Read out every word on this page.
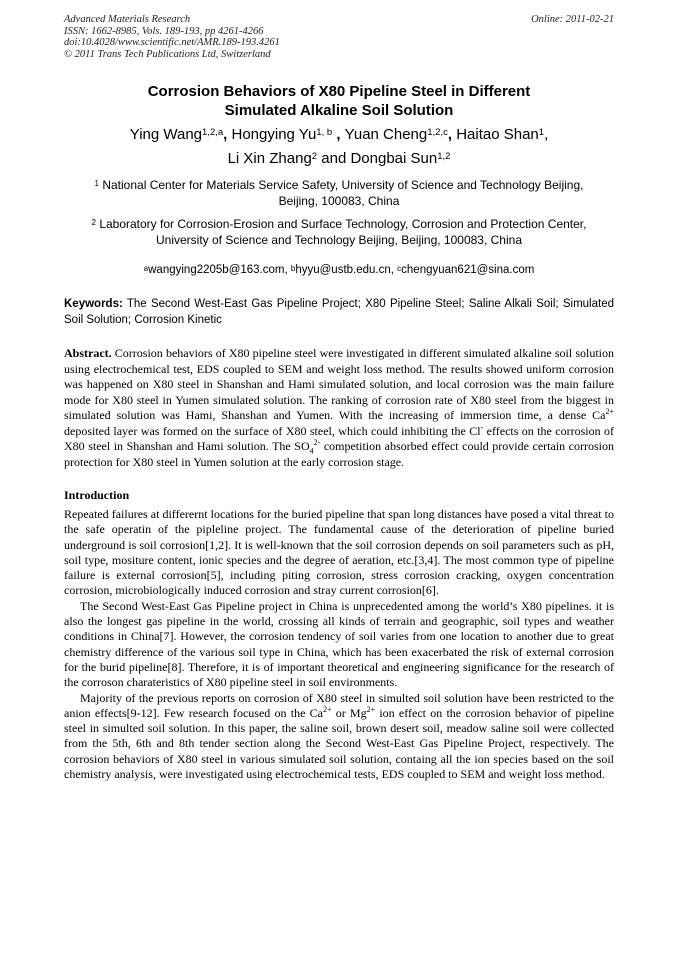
Advanced Materials Research
ISSN: 1662-8985, Vols. 189-193, pp 4261-4266
doi:10.4028/www.scientific.net/AMR.189-193.4261
© 2011 Trans Tech Publications Ltd, Switzerland
Online: 2011-02-21
Corrosion Behaviors of X80 Pipeline Steel in Different
Simulated Alkaline Soil Solution
Ying Wang$^{1,2,a}$, Hongying Yu$^{1, b}$ , Yuan Cheng$^{1,2,c}$, Haitao Shan$^1$,
Li Xin Zhang$^2$ and Dongbai Sun$^{1,2}$
$^1$ National Center for Materials Service Safety, University of Science and Technology Beijing,
Beijing, 100083, China
$^2$ Laboratory for Corrosion-Erosion and Surface Technology, Corrosion and Protection Center,
University of Science and Technology Beijing, Beijing, 100083, China
$^a$wangying2205b@163.com, $^b$hyyu@ustb.edu.cn, $^c$chengyuan621@sina.com
Keywords: The Second West-East Gas Pipeline Project; X80 Pipeline Steel; Saline Alkali Soil; Simulated Soil Solution; Corrosion Kinetic
Abstract. Corrosion behaviors of X80 pipeline steel were investigated in different simulated alkaline soil solution using electrochemical test, EDS coupled to SEM and weight loss method. The results showed uniform corrosion was happened on X80 steel in Shanshan and Hami simulated solution, and local corrosion was the main failure mode for X80 steel in Yumen simulated solution. The ranking of corrosion rate of X80 steel from the biggest in simulated solution was Hami, Shanshan and Yumen. With the increasing of immersion time, a dense $Ca^{2+}$ deposited layer was formed on the surface of X80 steel, which could inhibiting the Cl- effects on the corrosion of X80 steel in Shanshan and Hami solution. The $SO_4^{2-}$ competition absorbed effect could provide certain corrosion protection for X80 steel in Yumen solution at the early corrosion stage.
Introduction
Repeated failures at differernt locations for the buried pipeline that span long distances have posed a vital threat to the safe operatin of the pipleline project. The fundamental cause of the deterioration of pipeline buried underground is soil corrosion[1,2]. It is well-known that the soil corrosion depends on soil parameters such as pH, soil type, mositure content, ionic species and the degree of aeration, etc.[3,4]. The most common type of pipeline failure is external corrosion[5], including piting corrosion, stress corrosion cracking, oxygen concentration corrosion, microbiologically induced corrosion and stray current corrosion[6].
The Second West-East Gas Pipeline project in China is unprecedented among the world’s X80 pipelines. it is also the longest gas pipeline in the world, crossing all kinds of terrain and geographic, soil types and weather conditions in China[7]. However, the corrosion tendency of soil varies from one location to another due to great chemistry difference of the various soil type in China, which has been exacerbated the risk of external corrosion for the burid pipeline[8]. Therefore, it is of important theoretical and engineering significance for the research of the corroson charateristics of X80 pipeline steel in soil environments.
Majority of the previous reports on corrosion of X80 steel in simulted soil solution have been restricted to the anion effects[9-12]. Few research focused on the $Ca^{2+}$ or $Mg^{2+}$ ion effect on the corrosion behavior of pipeline steel in simulted soil solution. In this paper, the saline soil, brown desert soil, meadow saline soil were collected from the 5th, 6th and 8th tender section along the Second West-East Gas Pipeline Project, respectively. The corrosion behaviors of X80 steel in various simulated soil solution, containg all the ion species based on the soil chemistry analysis, were investigated using electrochemical tests, EDS coupled to SEM and weight loss method.
